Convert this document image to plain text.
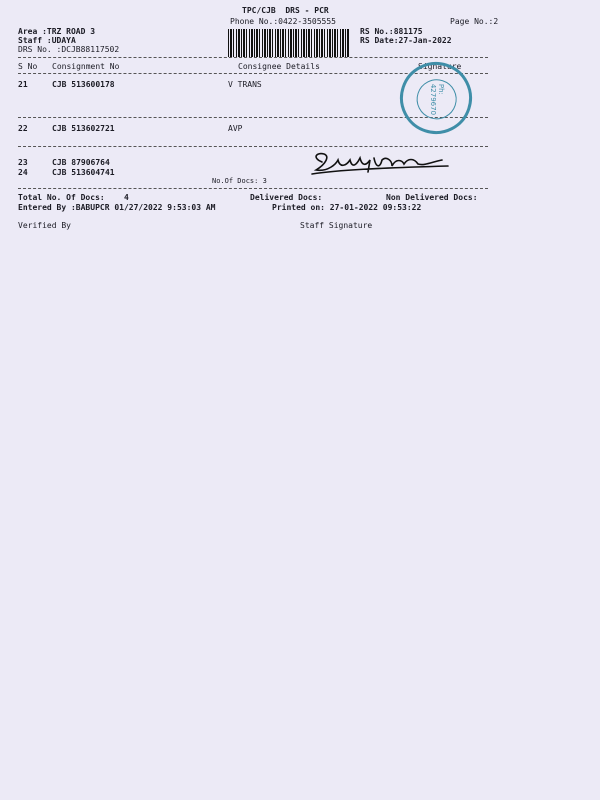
TPC/CJB  DRS - PCR
Phone No.:0422-3505555	Page No.:2
Area :TRZ ROAD 3
Staff :UDAYA
DRS No. :DCJB88117502
RS No.:881175
RS Date:27-Jan-2022
S No Consignment No	Consignee Details	Signature
21	CJB 513600178	V TRANS
22	CJB 513602721	AVP
23	CJB 87906764
24	CJB 513604741
No.Of Docs: 3
Ph:
4279670
Total No. Of Docs:    4	Delivered Docs:	Non Delivered Docs:
Entered By :BABUPCR 01/27/2022 9:53:03 AM	Printed on: 27-01-2022 09:53:22
Verified By	Staff Signature
